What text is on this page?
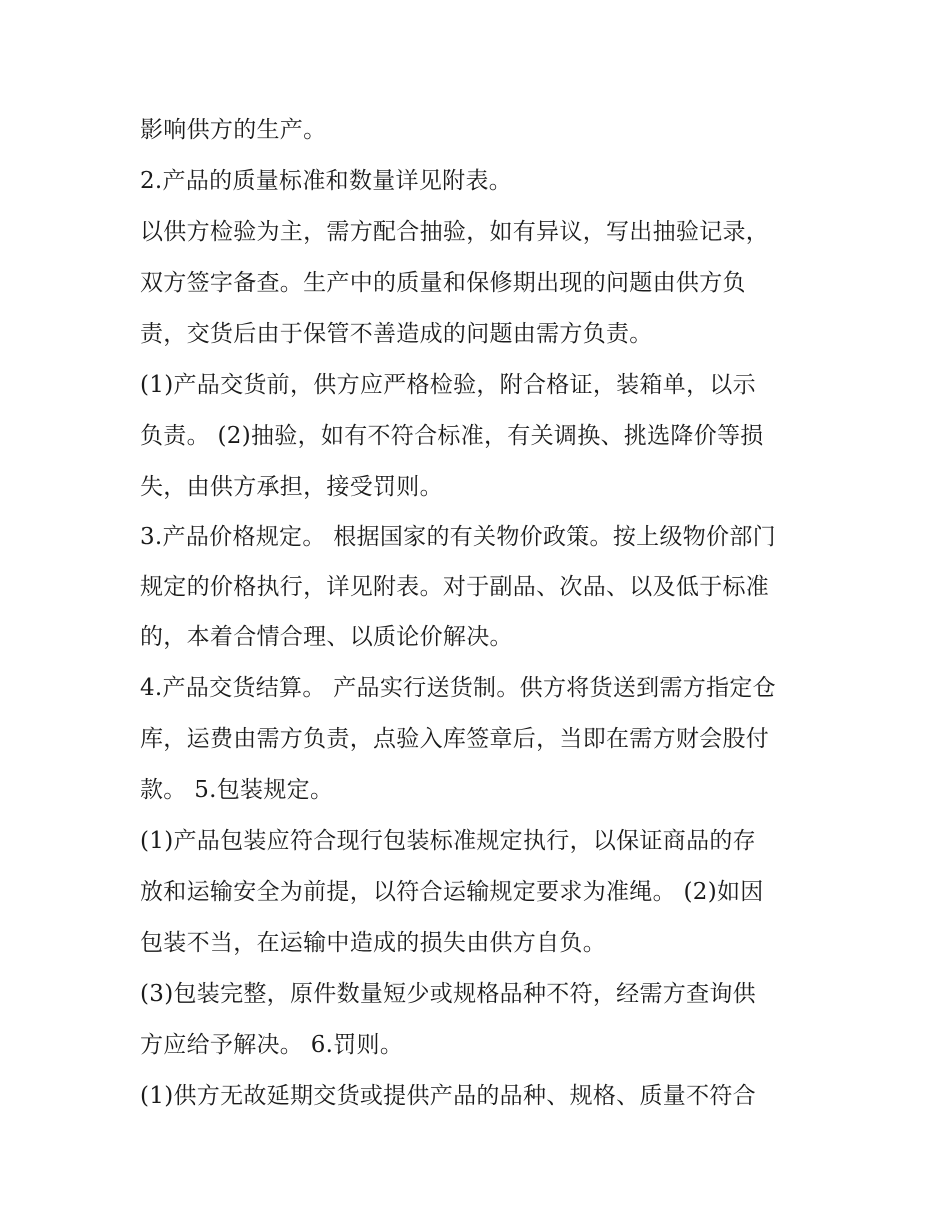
影响供方的生产。
2.产品的质量标准和数量详见附表。
以供方检验为主，需方配合抽验，如有异议，写出抽验记录，
双方签字备查。生产中的质量和保修期出现的问题由供方负
责，交货后由于保管不善造成的问题由需方负责。
(1)产品交货前，供方应严格检验，附合格证，装箱单，以示
负责。 (2)抽验，如有不符合标准，有关调换、挑选降价等损
失，由供方承担，接受罚则。
3.产品价格规定。 根据国家的有关物价政策。按上级物价部门
规定的价格执行，详见附表。对于副品、次品、以及低于标准
的，本着合情合理、以质论价解决。
4.产品交货结算。 产品实行送货制。供方将货送到需方指定仓
库，运费由需方负责，点验入库签章后，当即在需方财会股付
款。 5.包装规定。
(1)产品包装应符合现行包装标准规定执行，以保证商品的存
放和运输安全为前提，以符合运输规定要求为准绳。 (2)如因
包装不当，在运输中造成的损失由供方自负。
(3)包装完整，原件数量短少或规格品种不符，经需方查询供
方应给予解决。 6.罚则。
(1)供方无故延期交货或提供产品的品种、规格、质量不符合
